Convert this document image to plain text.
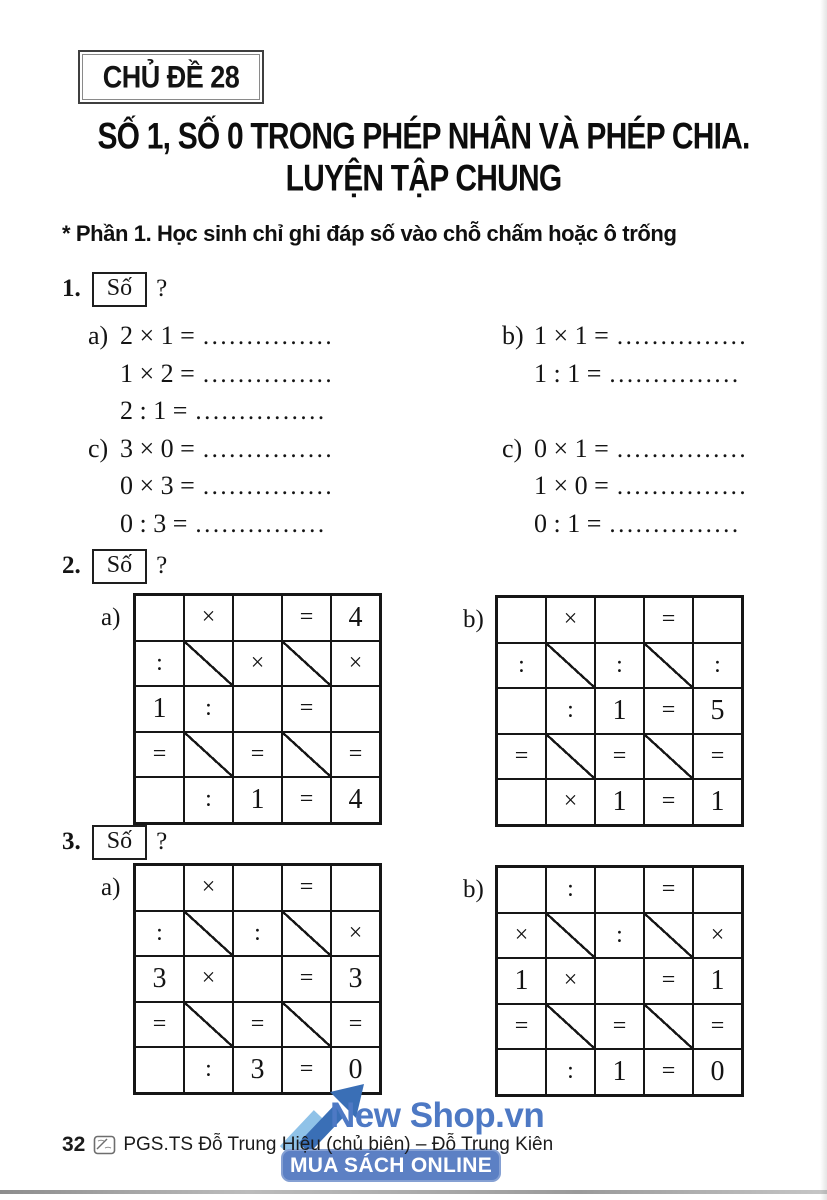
CHỦ ĐỀ 28
SỐ 1, SỐ 0 TRONG PHÉP NHÂN VÀ PHÉP CHIA.
LUYỆN TẬP CHUNG
* Phần 1. Học sinh chỉ ghi đáp số vào chỗ chấm hoặc ô trống
1.	Số ?
a) 2 × 1 = ...............
1 × 2 = ...............
2 : 1 = ...............
c) 3 × 0 = ...............
0 × 3 = ...............
0 : 3 = ...............
b) 1 × 1 = ...............
1 : 1 = ...............
c) 0 × 1 = ...............
1 × 0 = ...............
0 : 1 = ...............
2.	Số ?
a)
		×		=	4
:		×		×
1	:		=	
=		=		=
	:	1	=	4
b)
		×		=	
:		:		:
	:	1	=	5
=		=		=
	×	1	=	1
3.	Số ?
a)
		×		=	
:		:		×
3	×		=	3
=		=		=
	:	3	=	0
b)
		:		=	
×		:		×
1	×		=	1
=		=		=
	:	1	=	0
32 PGS.TS Đỗ Trung Hiệu (chủ biên) – Đỗ Trung Kiên
New Shop.vn
MUA SÁCH ONLINE
